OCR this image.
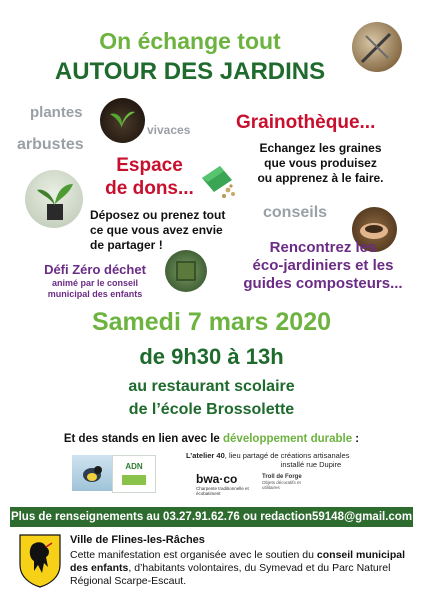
On échange tout
AUTOUR DES JARDINS
plantes
vivaces
arbustes
Grainothèque...
Echangez les graines
que vous produisez
ou apprenez à le faire.
Espace
de dons...
conseils
Déposez ou prenez tout
ce que vous avez envie
de partager !	Rencontrez les
éco-jardiniers et les
guides composteurs...
Défi Zéro déchet
animé par le conseil
municipal des enfants
Samedi 7 mars 2020
de 9h30 à 13h
au restaurant scolaire
de l’école Brossolette
Et des stands en lien avec le développement durable :
ADN
L’atelier 40, lieu partagé de créations artisanales
installé rue Dupire
bwa·co
Charpente traditionnelle et écobatiment
Troll de Forge
Objets décoratifs et utilitaires
Plus de renseignements au 03.27.91.62.76 ou redaction59148@gmail.com
Ville de Flines-les-Râches
Cette manifestation est organisée avec le soutien du conseil municipal des enfants, d’habitants volontaires, du Symevad et du Parc Naturel Régional Scarpe-Escaut.
